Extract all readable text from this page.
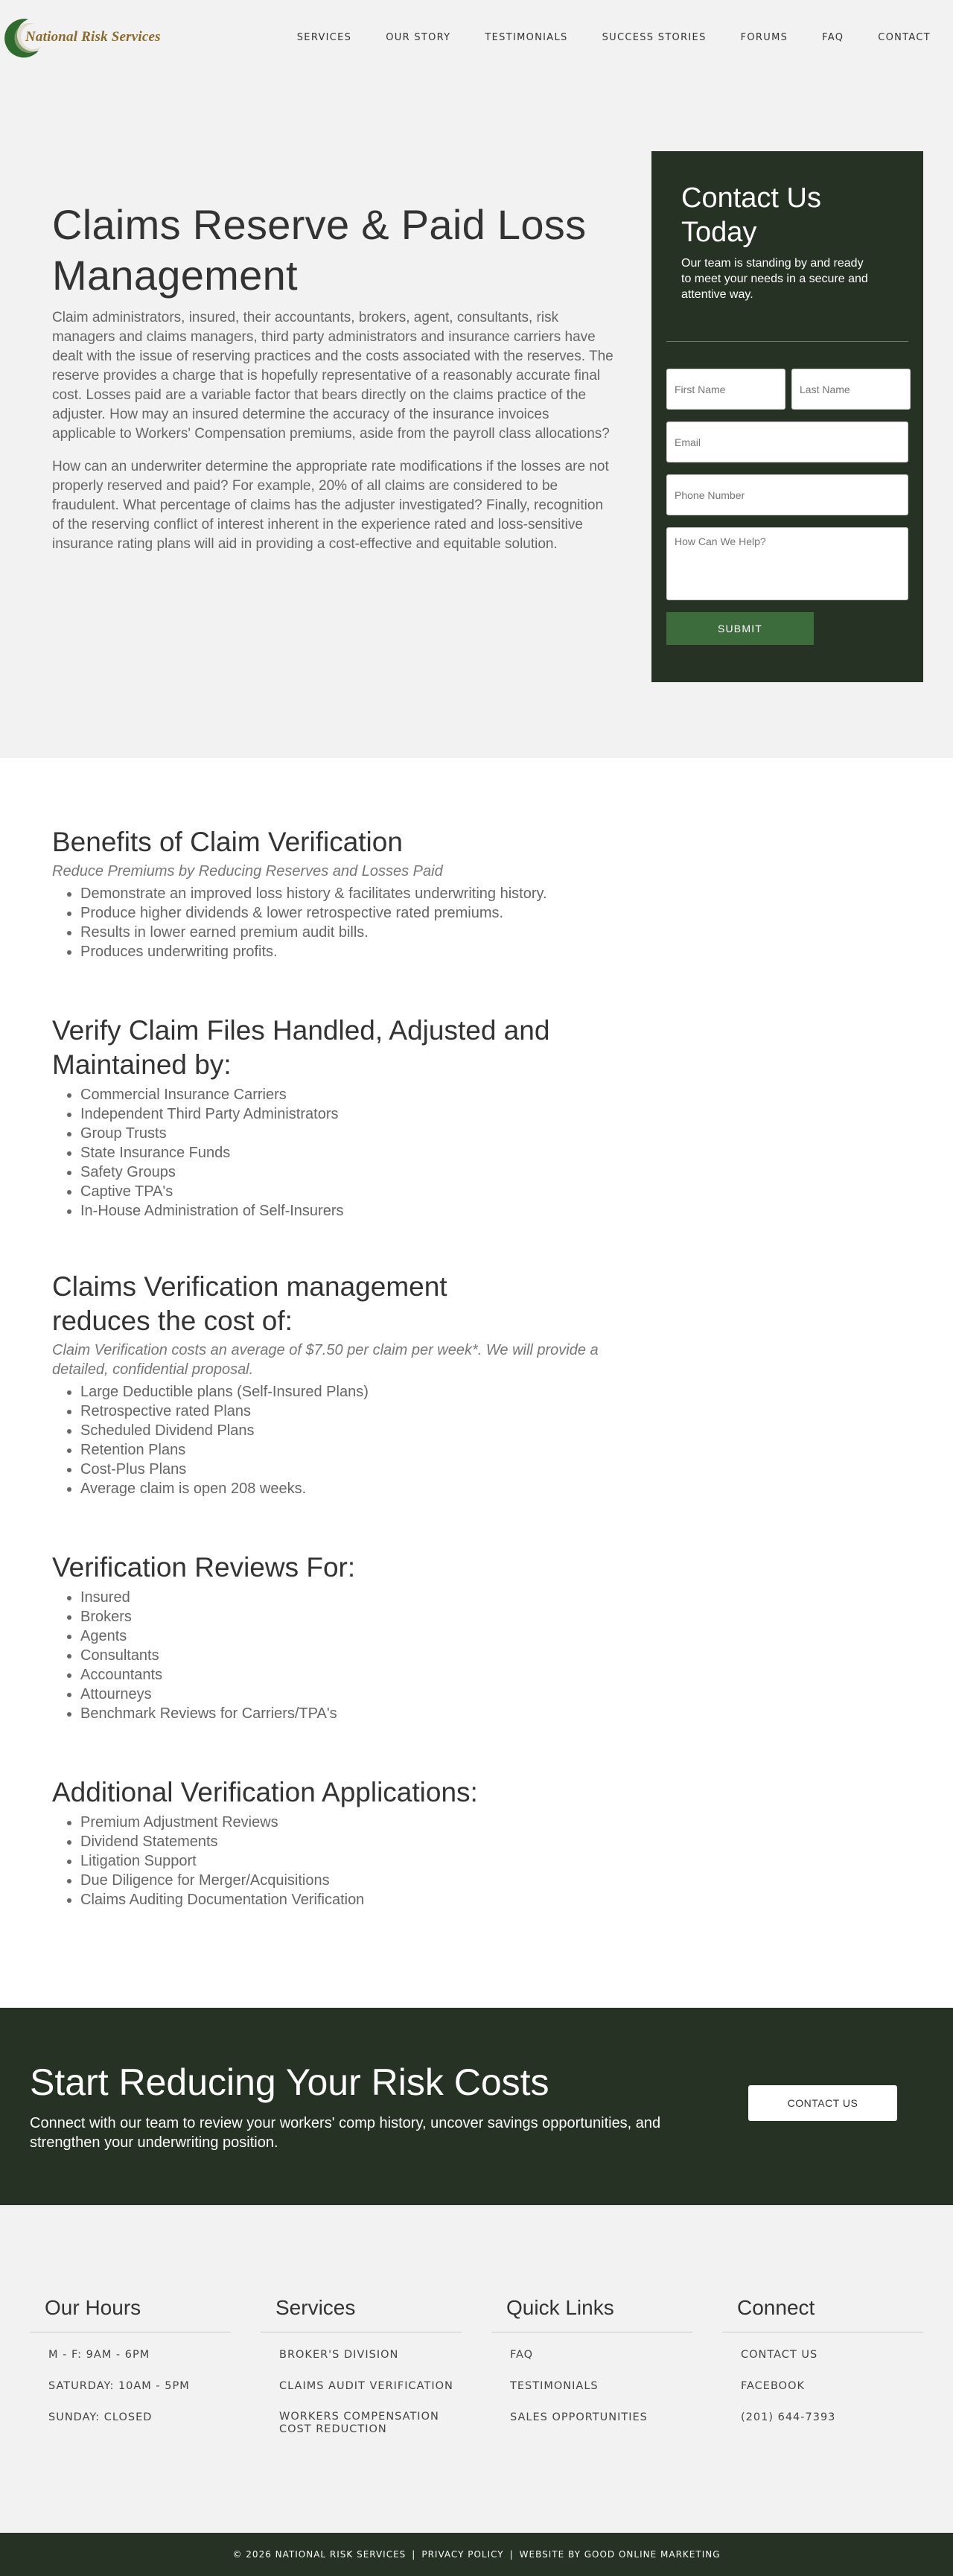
National Risk Services	SERVICES	OUR STORY	TESTIMONIALS	SUCCESS STORIES	FORUMS	FAQ	CONTACT
Claims Reserve & Paid Loss Management

Claim administrators, insured, their accountants, brokers, agent, consultants, risk managers and claims managers, third party administrators and insurance carriers have dealt with the issue of reserving practices and the costs associated with the reserves. The reserve provides a charge that is hopefully representative of a reasonably accurate final cost. Losses paid are a variable factor that bears directly on the claims practice of the adjuster. How may an insured determine the accuracy of the insurance invoices applicable to Workers' Compensation premiums, aside from the payroll class allocations?

How can an underwriter determine the appropriate rate modifications if the losses are not properly reserved and paid? For example, 20% of all claims are considered to be fraudulent. What percentage of claims has the adjuster investigated? Finally, recognition of the reserving conflict of interest inherent in the experience rated and loss-sensitive insurance rating plans will aid in providing a cost-effective and equitable solution.

Contact Us Today

Our team is standing by and ready to meet your needs in a secure and attentive way.

First Name
Last Name
Email
Phone Number
How Can We Help?
SUBMIT
Benefits of Claim Verification

Reduce Premiums by Reducing Reserves and Losses Paid

• Demonstrate an improved loss history & facilitates underwriting history.
• Produce higher dividends & lower retrospective rated premiums.
• Results in lower earned premium audit bills.
• Produces underwriting profits.
Verify Claim Files Handled, Adjusted and Maintained by:
• Commercial Insurance Carriers
• Independent Third Party Administrators
• Group Trusts
• State Insurance Funds
• Safety Groups
• Captive TPA's
• In-House Administration of Self-Insurers
Claims Verification management reduces the cost of:

Claim Verification costs an average of $7.50 per claim per week*. We will provide a detailed, confidential proposal.

• Large Deductible plans (Self-Insured Plans)
• Retrospective rated Plans
• Scheduled Dividend Plans
• Retention Plans
• Cost-Plus Plans
• Average claim is open 208 weeks.
Verification Reviews For:
• Insured
• Brokers
• Agents
• Consultants
• Accountants
• Attourneys
• Benchmark Reviews for Carriers/TPA's
Additional Verification Applications:
• Premium Adjustment Reviews
• Dividend Statements
• Litigation Support
• Due Diligence for Merger/Acquisitions
• Claims Auditing Documentation Verification
Start Reducing Your Risk Costs

Connect with our team to review your workers' comp history, uncover savings opportunities, and strengthen your underwriting position.

CONTACT US
Our Hours
M - F: 9AM - 6PM
SATURDAY: 10AM - 5PM
SUNDAY: CLOSED
Services
BROKER'S DIVISION
CLAIMS AUDIT VERIFICATION
WORKERS COMPENSATION COST REDUCTION
Quick Links
FAQ
TESTIMONIALS
SALES OPPORTUNITIES
Connect
CONTACT US
FACEBOOK
(201) 644-7393
© 2026 NATIONAL RISK SERVICES | PRIVACY POLICY | WEBSITE BY GOOD ONLINE MARKETING
